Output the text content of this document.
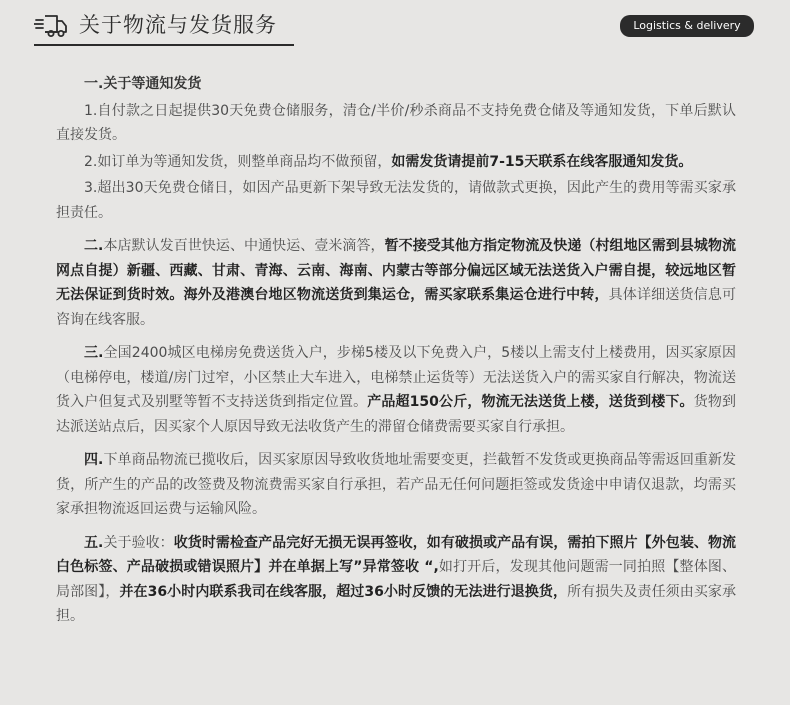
关于物流与发货服务	Logistics & delivery

一.关于等通知发货

1.自付款之日起提供30天免费仓储服务，清仓/半价/秒杀商品不支持免费仓储及等通知发货，下单后默认直接发货。

2.如订单为等通知发货，则整单商品均不做预留，如需发货请提前7-15天联系在线客服通知发货。

3.超出30天免费仓储日，如因产品更新下架导致无法发货的，请做款式更换，因此产生的费用等需买家承担责任。

二.本店默认发百世快运、中通快运、壹米滴答，暂不接受其他方指定物流及快递（村组地区需到县城物流网点自提）新疆、西藏、甘肃、青海、云南、海南、内蒙古等部分偏远区域无法送货入户需自提，较远地区暂无法保证到货时效。海外及港澳台地区物流送货到集运仓，需买家联系集运仓进行中转，具体详细送货信息可咨询在线客服。

三.全国2400城区电梯房免费送货入户，步梯5楼及以下免费入户，5楼以上需支付上楼费用，因买家原因（电梯停电，楼道/房门过窄，小区禁止大车进入，电梯禁止运货等）无法送货入户的需买家自行解决，物流送货入户但复式及别墅等暂不支持送货到指定位置。产品超150公斤，物流无法送货上楼，送货到楼下。货物到达派送站点后，因买家个人原因导致无法收货产生的滞留仓储费需要买家自行承担。

四.下单商品物流已揽收后，因买家原因导致收货地址需要变更，拦截暂不发货或更换商品等需返回重新发货，所产生的产品的改签费及物流费需买家自行承担，若产品无任何问题拒签或发货途中申请仅退款，均需买家承担物流返回运费与运输风险。

五.关于验收：收货时需检查产品完好无损无误再签收，如有破损或产品有误，需拍下照片【外包装、物流白色标签、产品破损或错误照片】并在单据上写”异常签收 “,如打开后，发现其他问题需一同拍照【整体图、局部图】，并在36小时内联系我司在线客服，超过36小时反馈的无法进行退换货，所有损失及责任须由买家承担。
